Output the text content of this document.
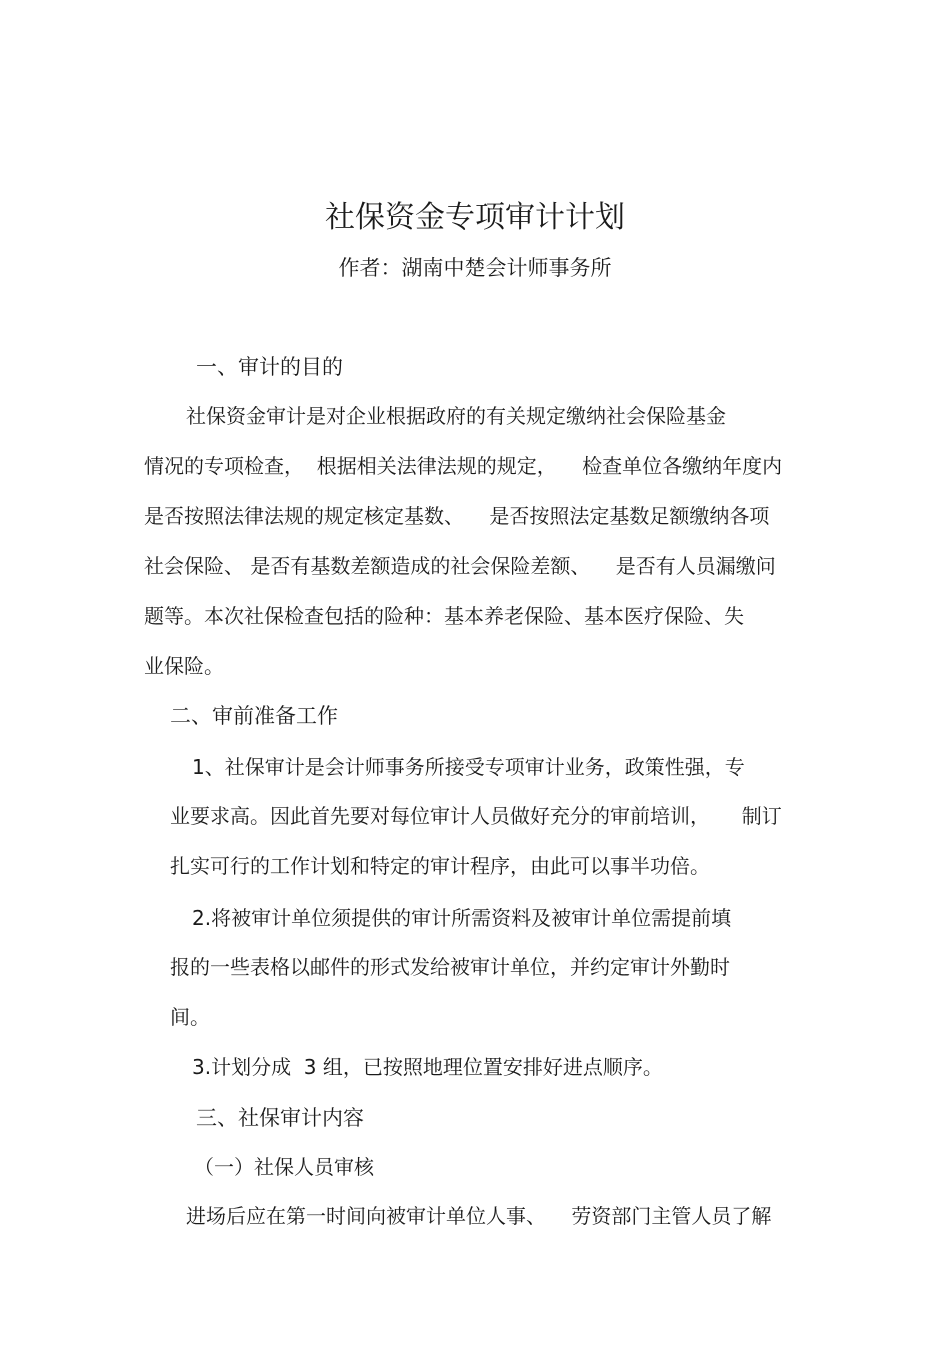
社保资金专项审计计划
作者：湖南中楚会计师事务所
一、审计的目的
社保资金审计是对企业根据政府的有关规定缴纳社会保险基金
情况的专项检查，  根据相关法律法规的规定，    检查单位各缴纳年度内
是否按照法律法规的规定核定基数、    是否按照法定基数足额缴纳各项
社会保险、 是否有基数差额造成的社会保险差额、    是否有人员漏缴问
题等。本次社保检查包括的险种：基本养老保险、基本医疗保险、失
业保险。
二、审前准备工作
1、社保审计是会计师事务所接受专项审计业务，政策性强，专
业要求高。因此首先要对每位审计人员做好充分的审前培训，     制订
扎实可行的工作计划和特定的审计程序，由此可以事半功倍。
2.将被审计单位须提供的审计所需资料及被审计单位需提前填
报的一些表格以邮件的形式发给被审计单位，并约定审计外勤时
间。
3.计划分成  3 组，已按照地理位置安排好进点顺序。
三、社保审计内容
（一）社保人员审核
进场后应在第一时间向被审计单位人事、    劳资部门主管人员了解
